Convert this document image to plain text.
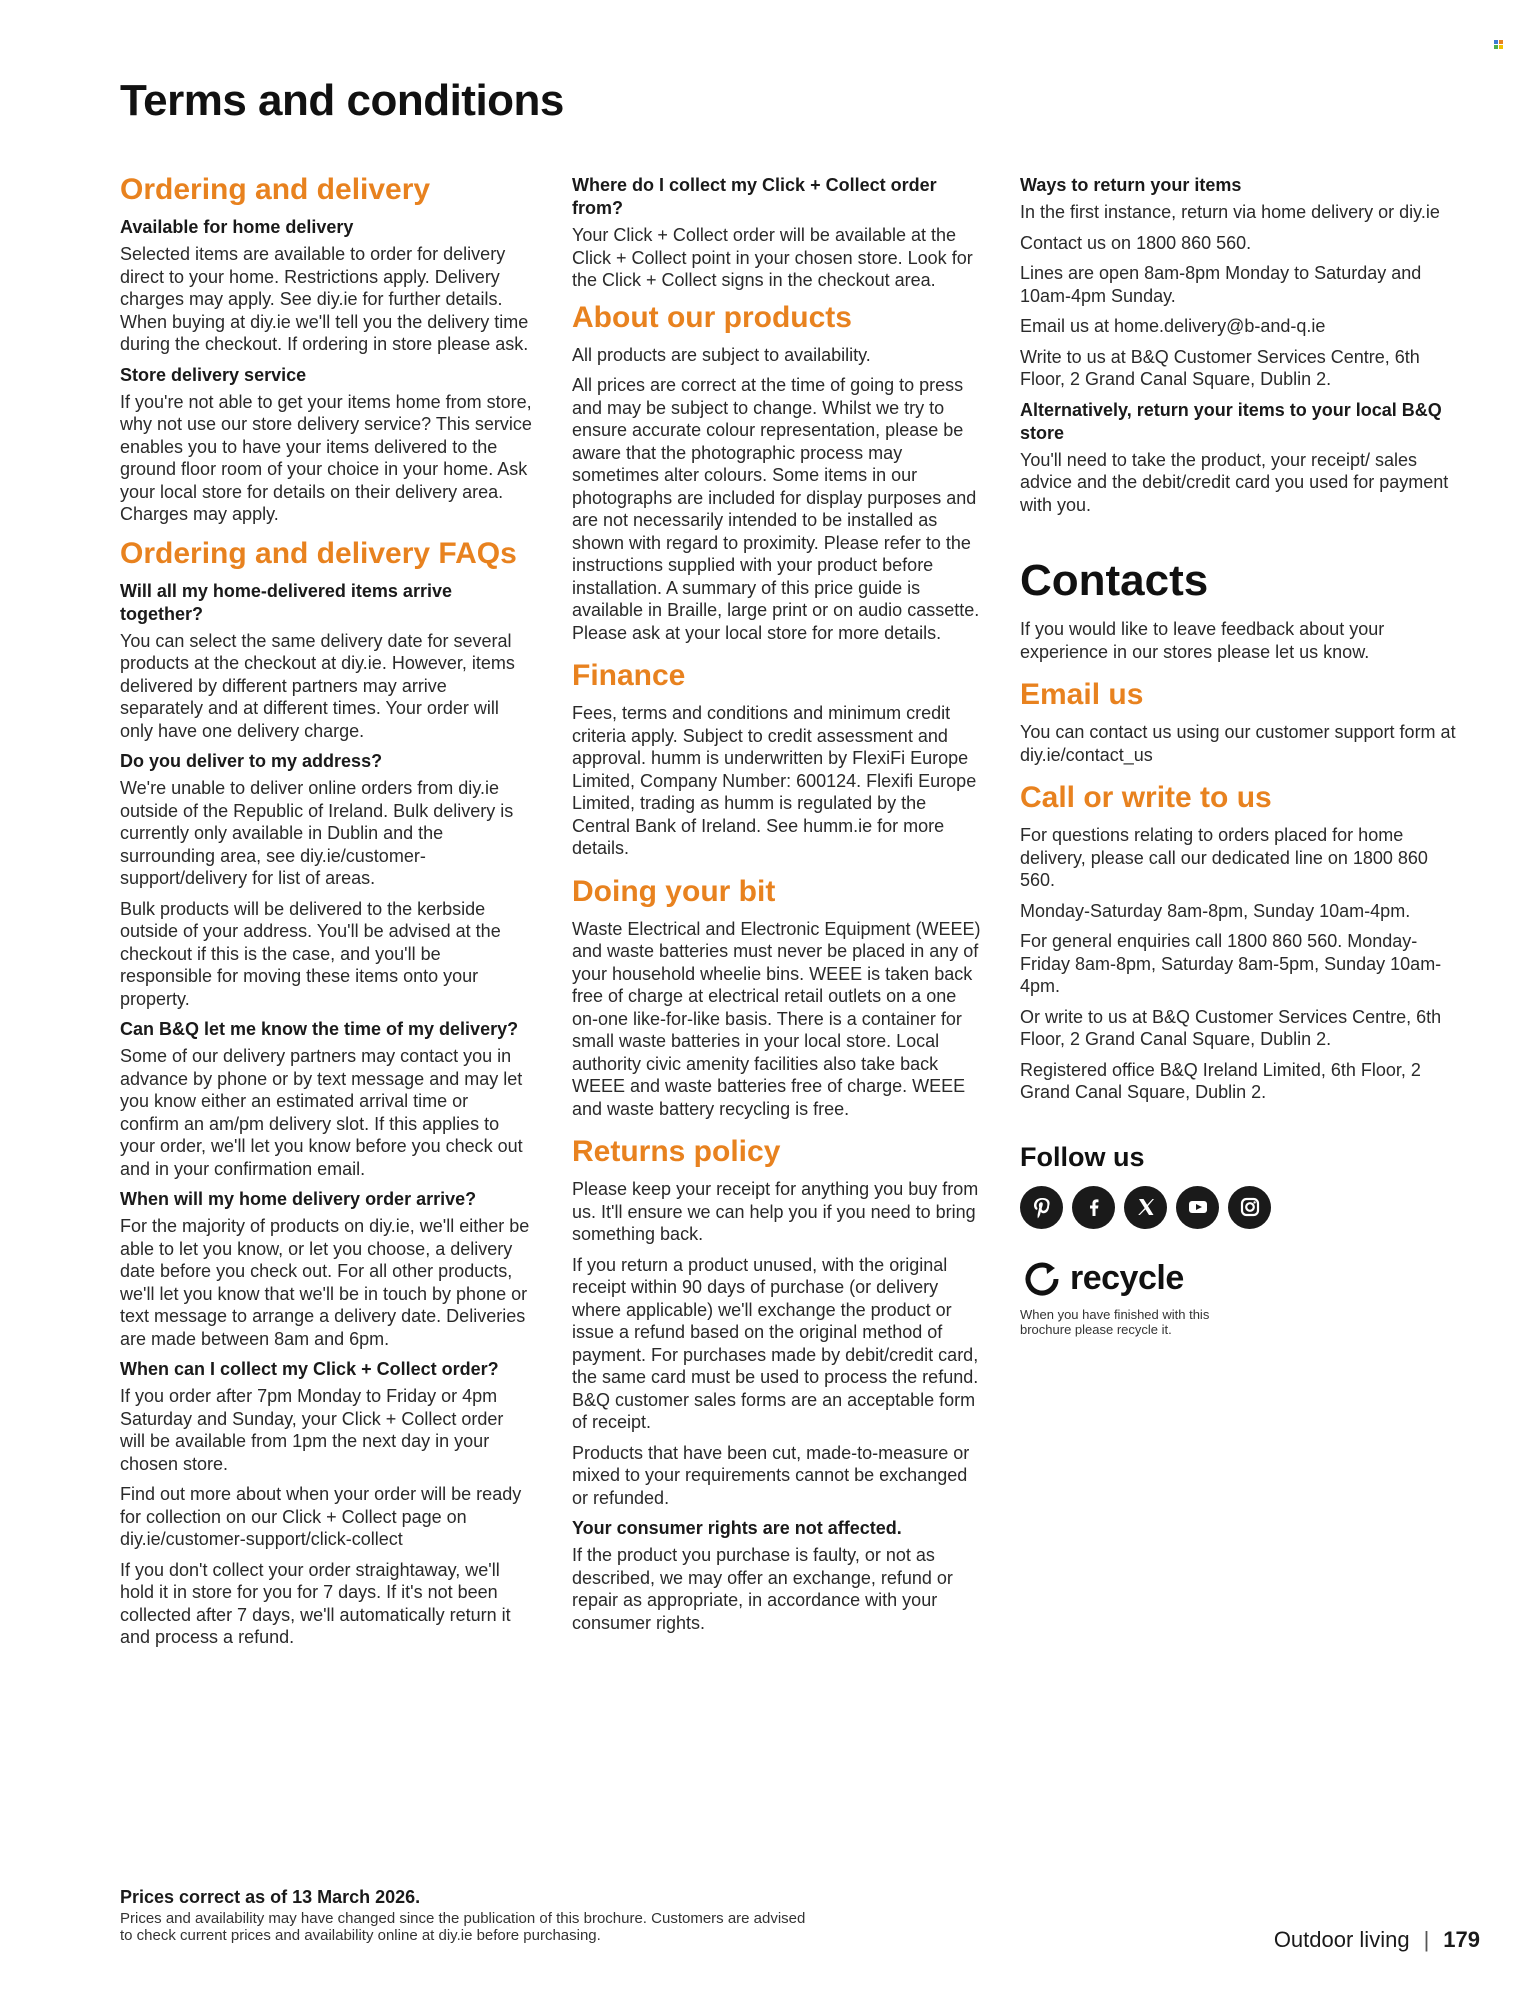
Terms and conditions
Ordering and delivery
Available for home delivery

Selected items are available to order for delivery direct to your home. Restrictions apply. Delivery charges may apply. See diy.ie for further details. When buying at diy.ie we'll tell you the delivery time during the checkout. If ordering in store please ask.

Store delivery service

If you're not able to get your items home from store, why not use our store delivery service? This service enables you to have your items delivered to the ground floor room of your choice in your home. Ask your local store for details on their delivery area. Charges may apply.

Ordering and delivery FAQs
Will all my home-delivered items arrive together?

You can select the same delivery date for several products at the checkout at diy.ie. However, items delivered by different partners may arrive separately and at different times. Your order will only have one delivery charge.

Do you deliver to my address?

We're unable to deliver online orders from diy.ie outside of the Republic of Ireland. Bulk delivery is currently only available in Dublin and the surrounding area, see diy.ie/customer-support/delivery for list of areas.

Bulk products will be delivered to the kerbside outside of your address. You'll be advised at the checkout if this is the case, and you'll be responsible for moving these items onto your property.

Can B&Q let me know the time of my delivery?

Some of our delivery partners may contact you in advance by phone or by text message and may let you know either an estimated arrival time or confirm an am/pm delivery slot. If this applies to your order, we'll let you know before you check out and in your confirmation email.

When will my home delivery order arrive?

For the majority of products on diy.ie, we'll either be able to let you know, or let you choose, a delivery date before you check out. For all other products, we'll let you know that we'll be in touch by phone or text message to arrange a delivery date. Deliveries are made between 8am and 6pm.

When can I collect my Click + Collect order?

If you order after 7pm Monday to Friday or 4pm Saturday and Sunday, your Click + Collect order will be available from 1pm the next day in your chosen store.

Find out more about when your order will be ready for collection on our Click + Collect page on diy.ie/customer-support/click-collect

If you don't collect your order straightaway, we'll hold it in store for you for 7 days. If it's not been collected after 7 days, we'll automatically return it and process a refund.

Where do I collect my Click + Collect order from?

Your Click + Collect order will be available at the Click + Collect point in your chosen store. Look for the Click + Collect signs in the checkout area.

About our products

All products are subject to availability.

All prices are correct at the time of going to press and may be subject to change. Whilst we try to ensure accurate colour representation, please be aware that the photographic process may sometimes alter colours. Some items in our photographs are included for display purposes and are not necessarily intended to be installed as shown with regard to proximity. Please refer to the instructions supplied with your product before installation. A summary of this price guide is available in Braille, large print or on audio cassette. Please ask at your local store for more details.

Finance

Fees, terms and conditions and minimum credit criteria apply. Subject to credit assessment and approval. humm is underwritten by FlexiFi Europe Limited, Company Number: 600124. Flexifi Europe Limited, trading as humm is regulated by the Central Bank of Ireland. See humm.ie for more details.

Doing your bit

Waste Electrical and Electronic Equipment (WEEE) and waste batteries must never be placed in any of your household wheelie bins. WEEE is taken back free of charge at electrical retail outlets on a one on-one like-for-like basis. There is a container for small waste batteries in your local store. Local authority civic amenity facilities also take back WEEE and waste batteries free of charge. WEEE and waste battery recycling is free.

Returns policy

Please keep your receipt for anything you buy from us. It'll ensure we can help you if you need to bring something back.

If you return a product unused, with the original receipt within 90 days of purchase (or delivery where applicable) we'll exchange the product or issue a refund based on the original method of payment. For purchases made by debit/credit card, the same card must be used to process the refund. B&Q customer sales forms are an acceptable form of receipt.

Products that have been cut, made-to-measure or mixed to your requirements cannot be exchanged or refunded.

Your consumer rights are not affected.

If the product you purchase is faulty, or not as described, we may offer an exchange, refund or repair as appropriate, in accordance with your consumer rights.

Ways to return your items

In the first instance, return via home delivery or diy.ie

Contact us on 1800 860 560.

Lines are open 8am-8pm Monday to Saturday and 10am-4pm Sunday.

Email us at home.delivery@b-and-q.ie

Write to us at B&Q Customer Services Centre, 6th Floor, 2 Grand Canal Square, Dublin 2.

Alternatively, return your items to your local B&Q store

You'll need to take the product, your receipt/ sales advice and the debit/credit card you used for payment with you.

Contacts

If you would like to leave feedback about your experience in our stores please let us know.

Email us

You can contact us using our customer support form at diy.ie/contact_us

Call or write to us

For questions relating to orders placed for home delivery, please call our dedicated line on 1800 860 560.

Monday-Saturday 8am-8pm, Sunday 10am-4pm.

For general enquiries call 1800 860 560. Monday-Friday 8am-8pm, Saturday 8am-5pm, Sunday 10am-4pm.

Or write to us at B&Q Customer Services Centre, 6th Floor, 2 Grand Canal Square, Dublin 2.

Registered office B&Q Ireland Limited, 6th Floor, 2 Grand Canal Square, Dublin 2.

Follow us
recycle
When you have finished with this brochure please recycle it.
Prices correct as of 13 March 2026.
Prices and availability may have changed since the publication of this brochure. Customers are advised to check current prices and availability online at diy.ie before purchasing.	Outdoor living | 179
